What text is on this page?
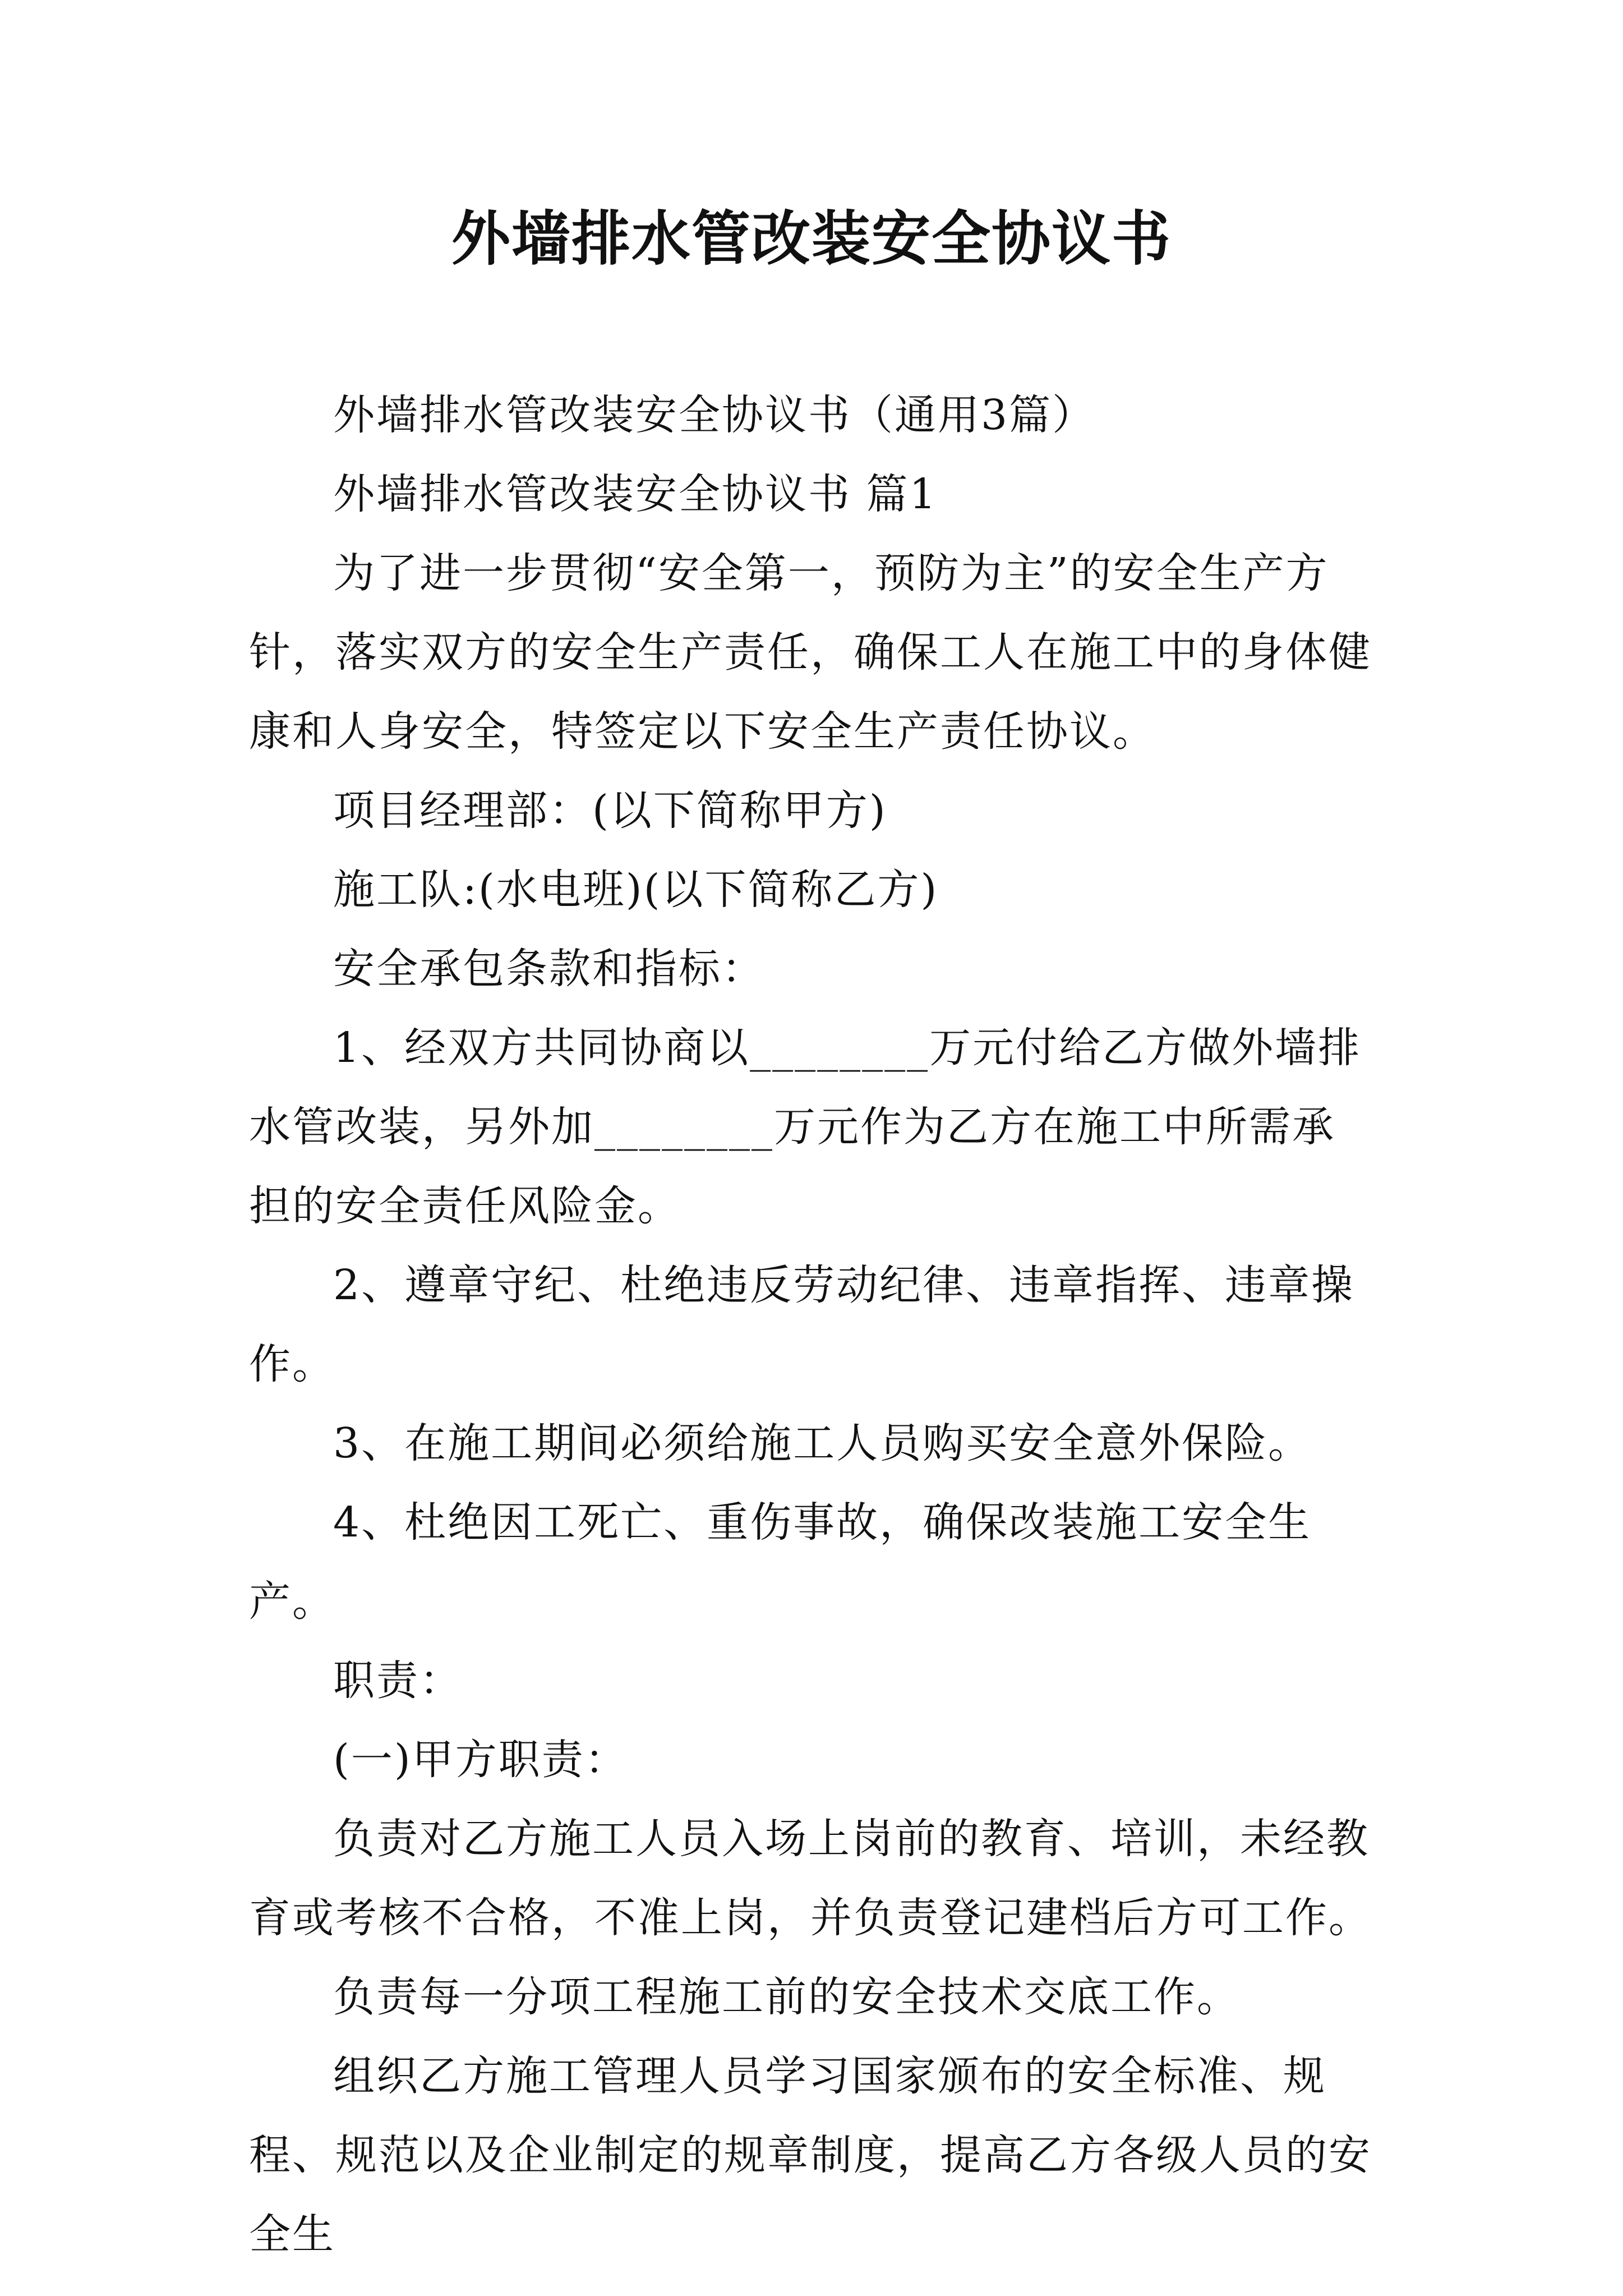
外墙排水管改装安全协议书

外墙排水管改装安全协议书（通用3篇）

外墙排水管改装安全协议书 篇1

为了进一步贯彻“安全第一，预防为主”的安全生产方针，落实双方的安全生产责任，确保工人在施工中的身体健康和人身安全，特签定以下安全生产责任协议。

项目经理部：(以下简称甲方)

施工队:(水电班)(以下简称乙方)

安全承包条款和指标：

1、经双方共同协商以________万元付给乙方做外墙排水管改装，另外加________万元作为乙方在施工中所需承担的安全责任风险金。

2、遵章守纪、杜绝违反劳动纪律、违章指挥、违章操作。

3、在施工期间必须给施工人员购买安全意外保险。

4、杜绝因工死亡、重伤事故，确保改装施工安全生产。

职责：

(一)甲方职责：

负责对乙方施工人员入场上岗前的教育、培训，未经教育或考核不合格，不准上岗，并负责登记建档后方可工作。

负责每一分项工程施工前的安全技术交底工作。

组织乙方施工管理人员学习国家颁布的安全标准、规程、规范以及企业制定的规章制度，提高乙方各级人员的安全生
